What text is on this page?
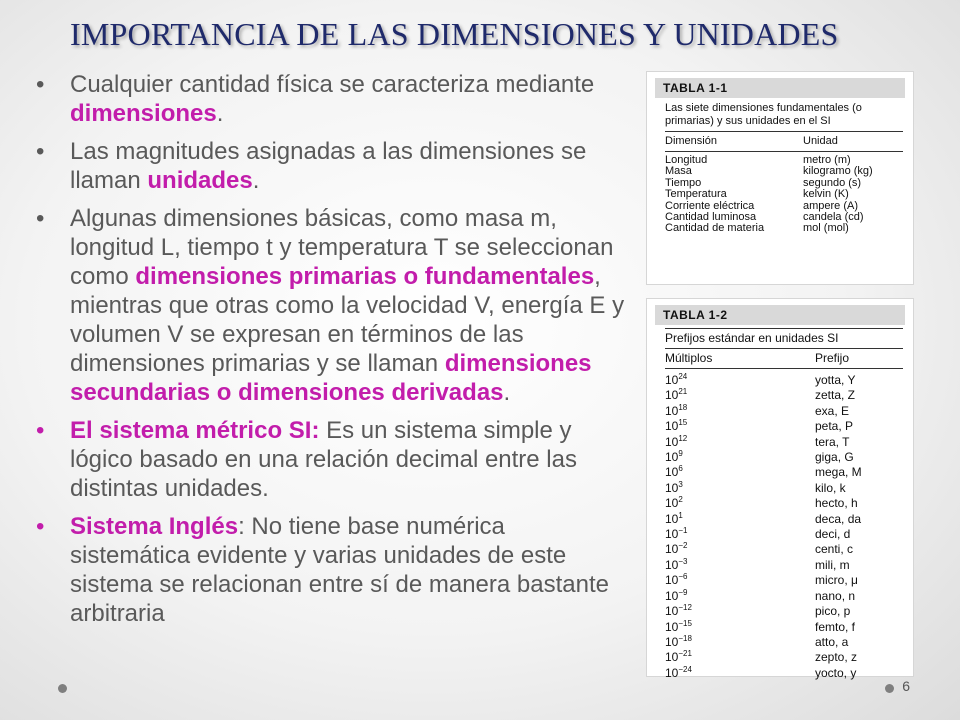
IMPORTANCIA DE LAS DIMENSIONES Y UNIDADES
• Cualquier cantidad física se caracteriza mediante dimensiones.
• Las magnitudes asignadas a las dimensiones se llaman unidades.
• Algunas dimensiones básicas, como masa m, longitud L, tiempo t y temperatura T se seleccionan como dimensiones primarias o fundamentales, mientras que otras como la velocidad V, energía E y volumen V se expresan en términos de las dimensiones primarias y se llaman dimensiones secundarias o dimensiones derivadas.
• El sistema métrico SI: Es un sistema simple y lógico basado en una relación decimal entre las distintas unidades.
• Sistema Inglés: No tiene base numérica sistemática evidente y varias unidades de este sistema se relacionan entre sí de manera bastante arbitraria
TABLA 1-1
Las siete dimensiones fundamentales (o primarias) y sus unidades en el SI
Dimensión	Unidad
Longitud	metro (m)
Masa	kilogramo (kg)
Tiempo	segundo (s)
Temperatura	kelvin (K)
Corriente eléctrica	ampere (A)
Cantidad luminosa	candela (cd)
Cantidad de materia	mol (mol)
TABLA 1-2
Prefijos estándar en unidades SI
Múltiplos	Prefijo
$10^{24}$	yotta, Y
$10^{21}$	zetta, Z
$10^{18}$	exa, E
$10^{15}$	peta, P
$10^{12}$	tera, T
$10^9$	giga, G
$10^6$	mega, M
$10^3$	kilo, k
$10^2$	hecto, h
$10^1$	deca, da
$10^{-1}$	deci, d
$10^{-2}$	centi, c
$10^{-3}$	mili, m
$10^{-6}$	micro, μ
$10^{-9}$	nano, n
$10^{-12}$	pico, p
$10^{-15}$	femto, f
$10^{-18}$	atto, a
$10^{-21}$	zepto, z
$10^{-24}$	yocto, y
6
